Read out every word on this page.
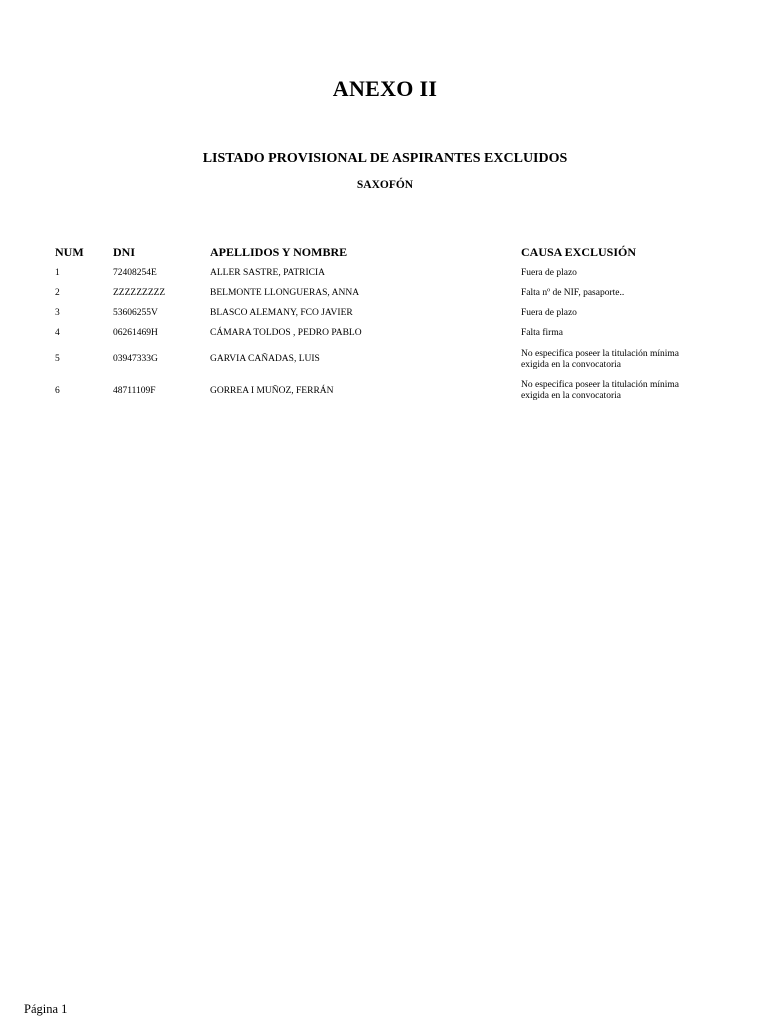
ANEXO II
LISTADO PROVISIONAL DE ASPIRANTES EXCLUIDOS
SAXOFÓN
NUM DNI	APELLIDOS Y NOMBRE	CAUSA EXCLUSIÓN
1	72408254E	ALLER SASTRE, PATRICIA	Fuera de plazo
2	ZZZZZZZZZ	BELMONTE LLONGUERAS, ANNA	Falta nº de NIF, pasaporte..
3	53606255V	BLASCO ALEMANY, FCO JAVIER	Fuera de plazo
4	06261469H	CÁMARA TOLDOS , PEDRO PABLO	Falta firma
5	03947333G	GARVIA CAÑADAS, LUIS	No especifica poseer la titulación mínima
exigida en la convocatoria
6	48711109F	GORREA I MUÑOZ, FERRÁN
No especifica poseer la titulación mínima
exigida en la convocatoria
Página 1
